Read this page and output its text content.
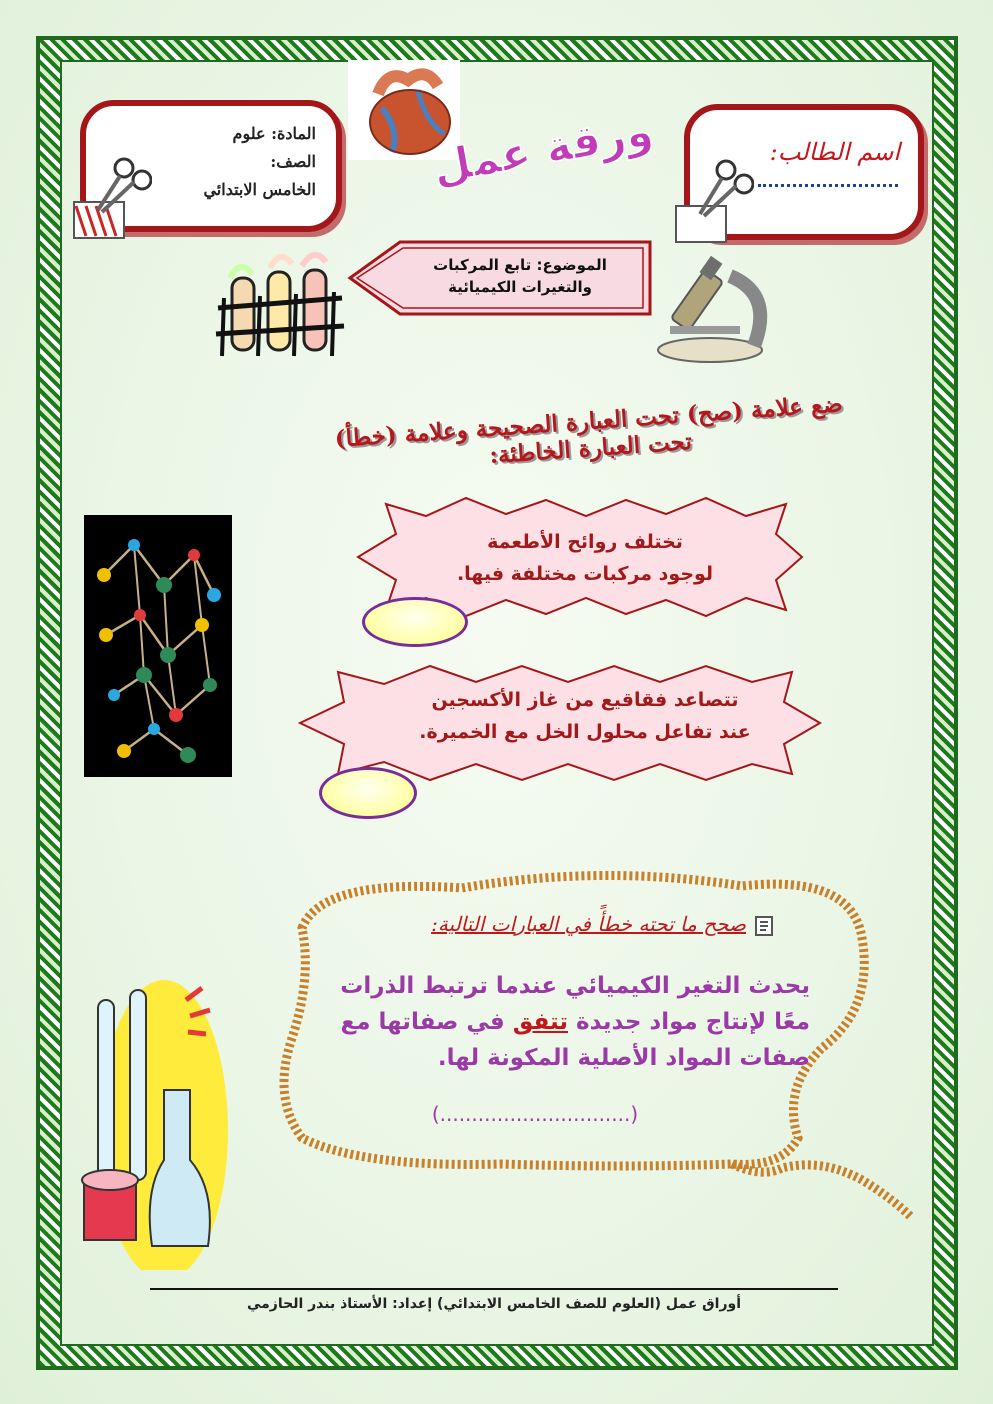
المادة: علوم
الصف:
الخامس الابتدائي	ورقة عمل	اسم الطالب:
الموضوع: تابع المركبات
والتغيرات الكيميائية
ضع علامة (صح) تحت العبارة الصحيحة وعلامة (خطأ) تحت العبارة الخاطئة:
تختلف روائح الأطعمة
لوجود مركبات مختلفة فيها.
تتصاعد فقاقيع من غاز الأكسجين
عند تفاعل محلول الخل مع الخميرة.
صحح ما تحته خطأً في العبارات التالية:
يحدث التغير الكيميائي عندما ترتبط الذرات
معًا لإنتاج مواد جديدة تتفق في صفاتها مع
صفات المواد الأصلية المكونة لها.
(..............................)
أوراق عمل (العلوم للصف الخامس الابتدائي) إعداد: الأستاذ بندر الحازمي
